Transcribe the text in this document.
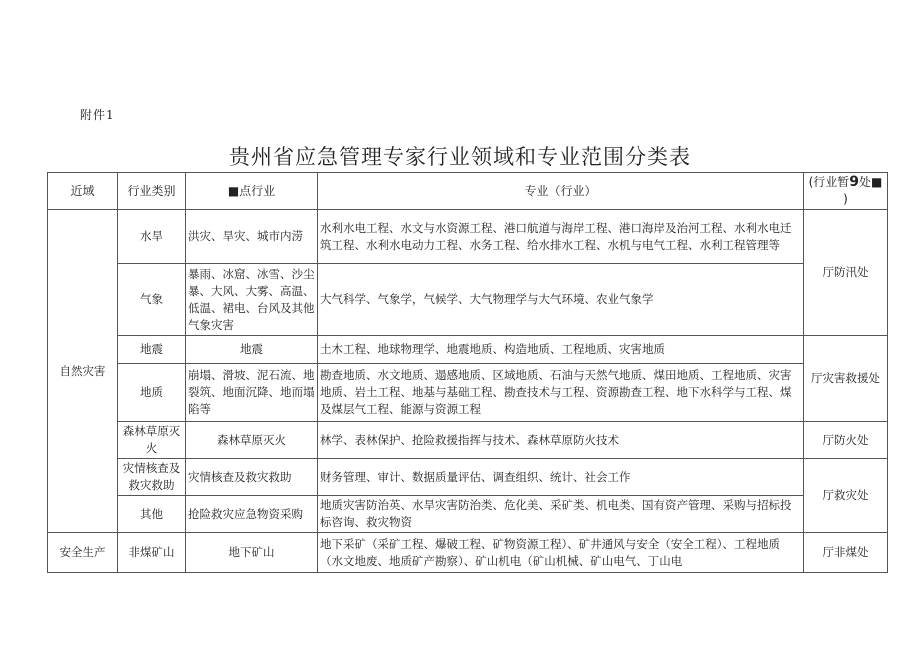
附件1
贵州省应急管理专家行业领域和专业范围分类表
近域	行业类别	■点行业	专业（行业）	(行业暂9处■
)
自然灾害	水旱	洪灾、旱灾、城市内涝	水利水电工程、水文与水资源工程、港口航道与海岸工程、港口海岸及治河工程、水利水电迁筑工程、水利水电动力工程、水务工程、给水排水工程、水机与电气工程、水利工程管理等	厅防汛处
	气象	暴雨、冰窟、冰雪、沙尘暴、大风、大雾、高温、低温、裙电、台风及其他气象灾害	大气科学、气象学，气候学、大气物理学与大气环境、农业气象学	
	地震	地震	土木工程、地球物理学、地震地质、构造地质、工程地质、灾害地质	厅灾害救援处
	地质	崩塌、滑坡、泥石流、地裂筑、地面沉降、地而塌陷等	勘查地质、水文地质、遢感地质、区域地质、石油与天然气地质、煤田地质、工程地质、灾害地质、岩土工程、地基与基础工程、勘查技术与工程、资源勘查工程、地下水科学与工程、煤及煤层气工程、能源与资源工程	
	森林草原灭火	森林草原灭火	林学、表林保护、抢险救援指挥与技术、森林草原防火技术	厅防火处
	灾情核查及救灾救助	灾情核查及救灾救助	财务管理、审计、数据质量评估、调查组织、统计、社会工作	厅救灾处
	其他	抢险救灾应急物资采购	地质灾害防治英、水旱灾害防治类、危化美、采矿类、机电类、国有资产管理、采购与招标投标咨询、救灾物资	
安全生产	非煤矿山	地下矿山	地下采矿（采矿工程、爆破工程、矿物资源工程）、矿井通风与安全（安全工程）、工程地质（水文地废、地质矿产勘察）、矿山机电（矿山机械、矿山电气、丁山电	厅非煤处
